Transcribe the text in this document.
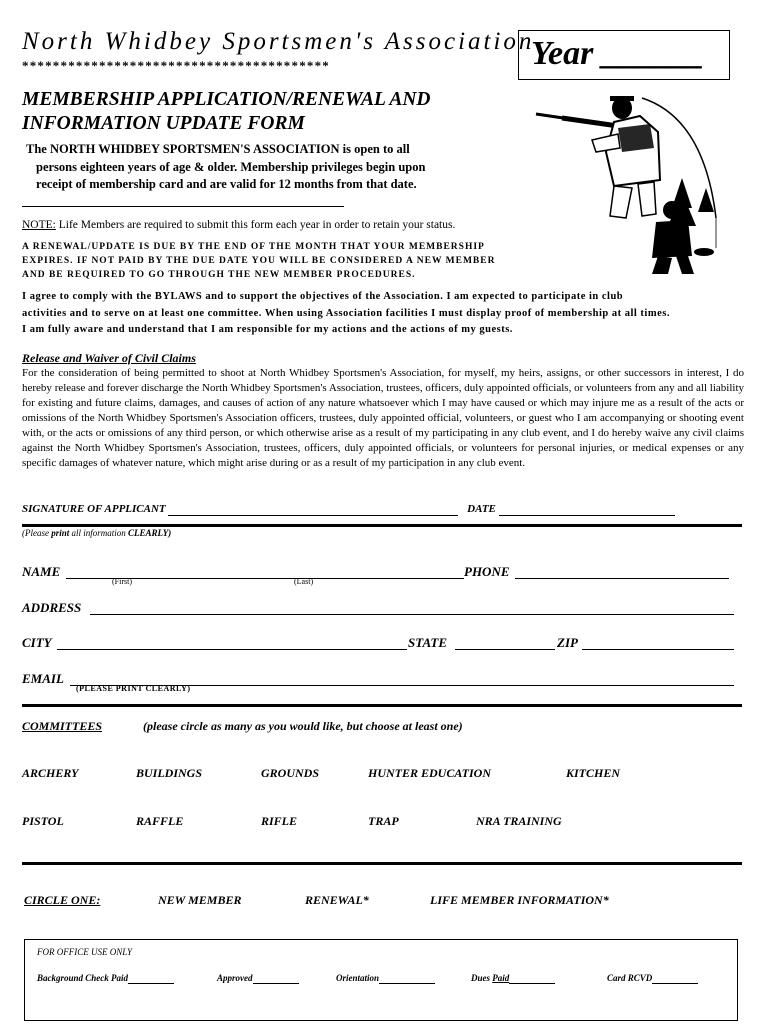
North Whidbey Sportsmen's Association
****************************************	Year ______
MEMBERSHIP APPLICATION/RENEWAL AND
INFORMATION UPDATE FORM
The NORTH WHIDBEY SPORTSMEN'S ASSOCIATION is open to all
persons eighteen years of age & older. Membership privileges begin upon
receipt of membership card and are valid for 12 months from that date.
NOTE: Life Members are required to submit this form each year in order to retain your status.
A RENEWAL/UPDATE IS DUE BY THE END OF THE MONTH THAT YOUR MEMBERSHIP
EXPIRES. IF NOT PAID BY THE DUE DATE YOU WILL BE CONSIDERED A NEW MEMBER
AND BE REQUIRED TO GO THROUGH THE NEW MEMBER PROCEDURES.
I agree to comply with the BYLAWS and to support the objectives of the Association. I am expected to participate in club
activities and to serve on at least one committee. When using Association facilities I must display proof of membership at all times.
I am fully aware and understand that I am responsible for my actions and the actions of my guests.
Release and Waiver of Civil Claims
For the consideration of being permitted to shoot at North Whidbey Sportsmen's Association, for myself, my heirs, assigns, or other successors in interest, I do hereby release and forever discharge the North Whidbey Sportsmen's Association, trustees, officers, duly appointed officials, or volunteers from any and all liability for existing and future claims, damages, and causes of action of any nature whatsoever which I may have caused or which may injure me as a result of the acts or omissions of the North Whidbey Sportsmen's Association officers, trustees, duly appointed official, volunteers, or guest who I am accompanying or shooting event with, or the acts or omissions of any third person, or which otherwise arise as a result of my participating in any club event, and I do hereby waive any civil claims against the North Whidbey Sportsmen's Association, trustees, officers, duly appointed officials, or volunteers for personal injuries, or medical expenses or any specific damages of whatever nature, which might arise during or as a result of my participation in any club event.
SIGNATURE OF APPLICANT	DATE
(Please print all information CLEARLY)
NAME
(First)	(Last)
PHONE
ADDRESS
CITY	STATE	ZIP
EMAIL
(PLEASE PRINT CLEARLY)
COMMITTEES	(please circle as many as you would like, but choose at least one)
ARCHERY	BUILDINGS	GROUNDS	HUNTER EDUCATION	KITCHEN
PISTOL	RAFFLE	RIFLE	TRAP	NRA TRAINING
CIRCLE ONE:	NEW MEMBER	RENEWAL*	LIFE MEMBER INFORMATION*
FOR OFFICE USE ONLY
Background Check Paid	Approved	Orientation	Dues Paid	Card RCVD
